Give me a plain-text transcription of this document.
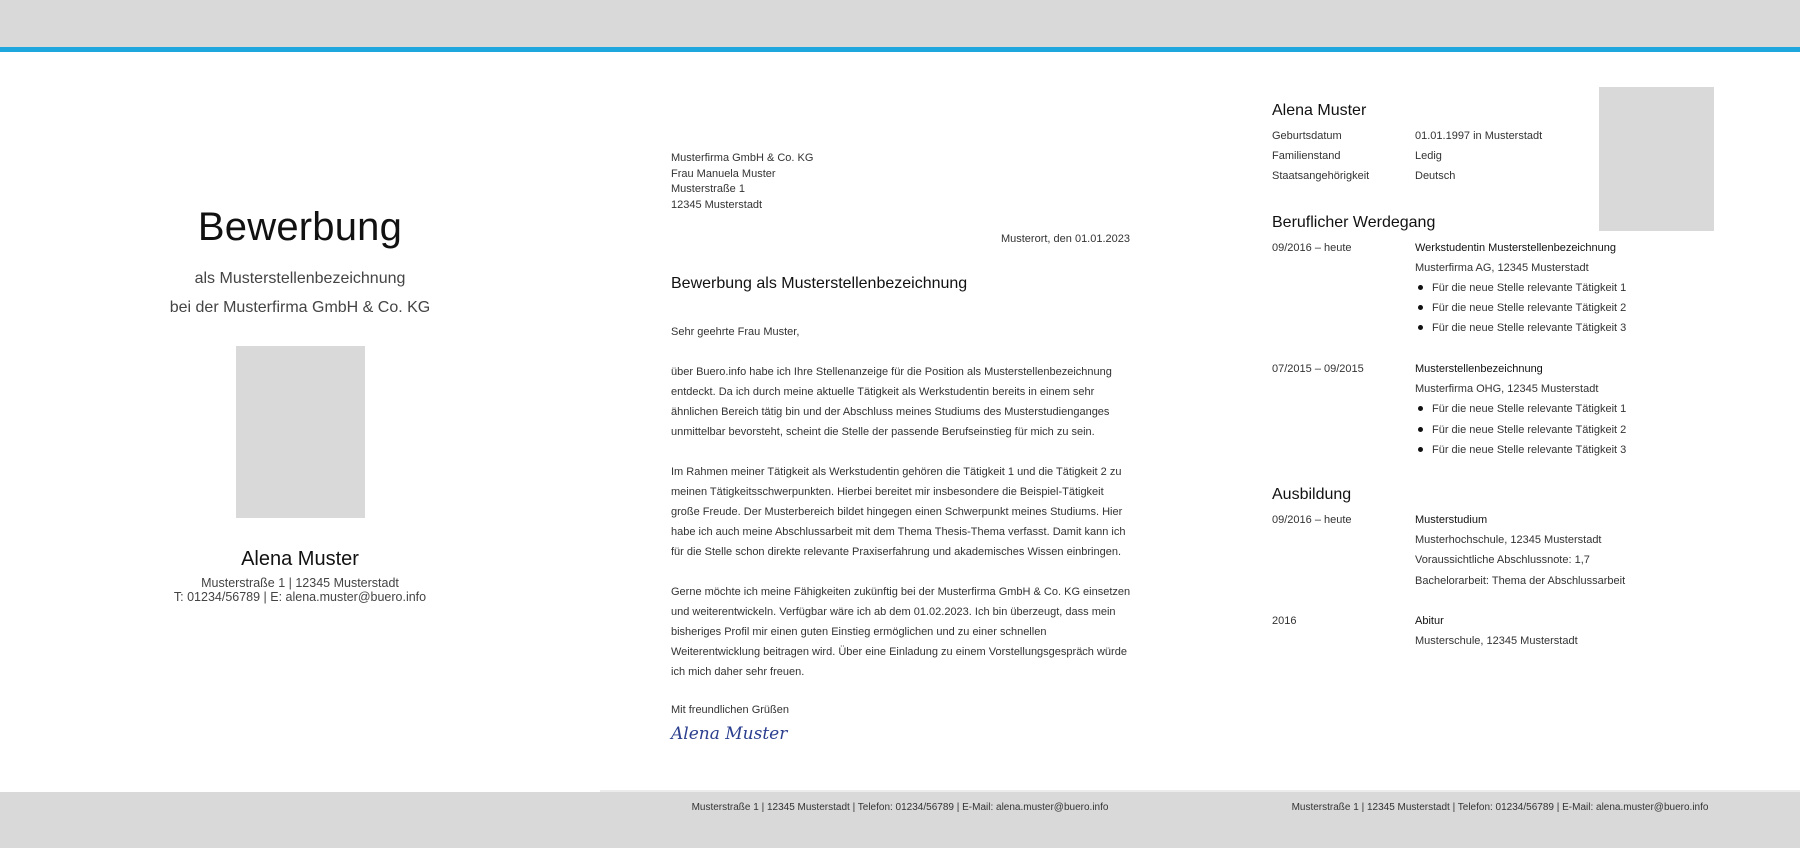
Bewerbung
als Musterstellenbezeichnung
bei der Musterfirma GmbH & Co. KG
Alena Muster
Musterstraße 1 | 12345 Musterstadt
T: 01234/56789 | E: alena.muster@buero.info
Musterfirma GmbH & Co. KG
Frau Manuela Muster
Musterstraße 1
12345 Musterstadt
Musterort, den 01.01.2023
Bewerbung als Musterstellenbezeichnung
Sehr geehrte Frau Muster,
über Buero.info habe ich Ihre Stellenanzeige für die Position als Musterstellenbezeichnung entdeckt. Da ich durch meine aktuelle Tätigkeit als Werkstudentin bereits in einem sehr ähnlichen Bereich tätig bin und der Abschluss meines Studiums des Musterstudienganges unmittelbar bevorsteht, scheint die Stelle der passende Berufseinstieg für mich zu sein.
Im Rahmen meiner Tätigkeit als Werkstudentin gehören die Tätigkeit 1 und die Tätigkeit 2 zu meinen Tätigkeitsschwerpunkten. Hierbei bereitet mir insbesondere die Beispiel-Tätigkeit große Freude. Der Musterbereich bildet hingegen einen Schwerpunkt meines Studiums. Hier habe ich auch meine Abschlussarbeit mit dem Thema Thesis-Thema verfasst. Damit kann ich für die Stelle schon direkte relevante Praxiserfahrung und akademisches Wissen einbringen.
Gerne möchte ich meine Fähigkeiten zukünftig bei der Musterfirma GmbH & Co. KG einsetzen und weiterentwickeln. Verfügbar wäre ich ab dem 01.02.2023. Ich bin überzeugt, dass mein bisheriges Profil mir einen guten Einstieg ermöglichen und zu einer schnellen Weiterentwicklung beitragen wird. Über eine Einladung zu einem Vorstellungsgespräch würde ich mich daher sehr freuen.
Mit freundlichen Grüßen
Alena Muster
Musterstraße 1 | 12345 Musterstadt | Telefon: 01234/56789 | E-Mail: alena.muster@buero.info
Alena Muster
Geburtsdatum	01.01.1997 in Musterstadt
Familienstand	Ledig
Staatsangehörigkeit	Deutsch
Beruflicher Werdegang
09/2016 – heute	Werkstudentin Musterstellenbezeichnung
Musterfirma AG, 12345 Musterstadt
Für die neue Stelle relevante Tätigkeit 1
Für die neue Stelle relevante Tätigkeit 2
Für die neue Stelle relevante Tätigkeit 3
07/2015 – 09/2015	Musterstellenbezeichnung
Musterfirma OHG, 12345 Musterstadt
Für die neue Stelle relevante Tätigkeit 1
Für die neue Stelle relevante Tätigkeit 2
Für die neue Stelle relevante Tätigkeit 3
Ausbildung
09/2016 – heute	Musterstudium
Musterhochschule, 12345 Musterstadt
Voraussichtliche Abschlussnote: 1,7
Bachelorarbeit: Thema der Abschlussarbeit
2016	Abitur
Musterschule, 12345 Musterstadt
Musterstraße 1 | 12345 Musterstadt | Telefon: 01234/56789 | E-Mail: alena.muster@buero.info
